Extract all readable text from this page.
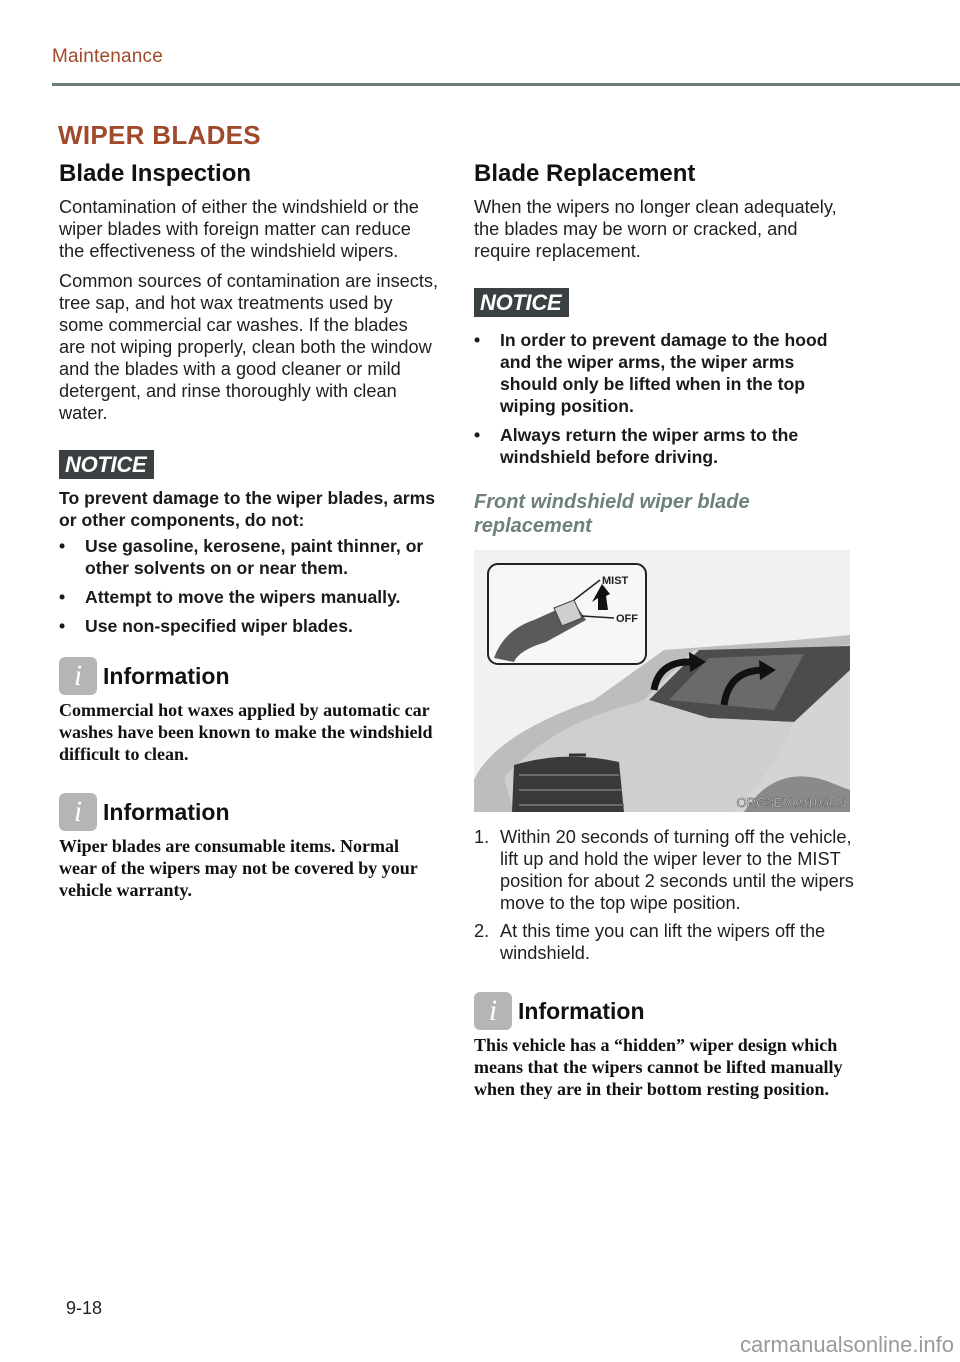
Maintenance
WIPER BLADES
Blade Inspection

Contamination of either the windshield or the wiper blades with foreign matter can reduce the effectiveness of the windshield wipers.

Common sources of contamination are insects, tree sap, and hot wax treatments used by some commercial car washes. If the blades are not wiping properly, clean both the window and the blades with a good cleaner or mild detergent, and rinse thoroughly with clean water.

NOTICE
To prevent damage to the wiper blades, arms or other components, do not:
• Use gasoline, kerosene, paint thinner, or other solvents on or near them.
• Attempt to move the wipers manually.
• Use non-specified wiper blades.
i Information
Commercial hot waxes applied by automatic car washes have been known to make the windshield difficult to clean.
i Information
Wiper blades are consumable items. Normal wear of the wipers may not be covered by your vehicle warranty.
Blade Replacement

When the wipers no longer clean adequately, the blades may be worn or cracked, and require replacement.

NOTICE
• In order to prevent damage to the hood and the wiper arms, the wiper arms should only be lifted when in the top wiping position.
• Always return the wiper arms to the windshield before driving.
Front windshield wiper blade replacement
MIST
OFF
ORG3EV091050N
1. Within 20 seconds of turning off the vehicle, lift up and hold the wiper lever to the MIST position for about 2 seconds until the wipers move to the top wipe position.
2. At this time you can lift the wipers off the windshield.
i Information
This vehicle has a “hidden” wiper design which means that the wipers cannot be lifted manually when they are in their bottom resting position.
9-18
carmanualsonline.info
